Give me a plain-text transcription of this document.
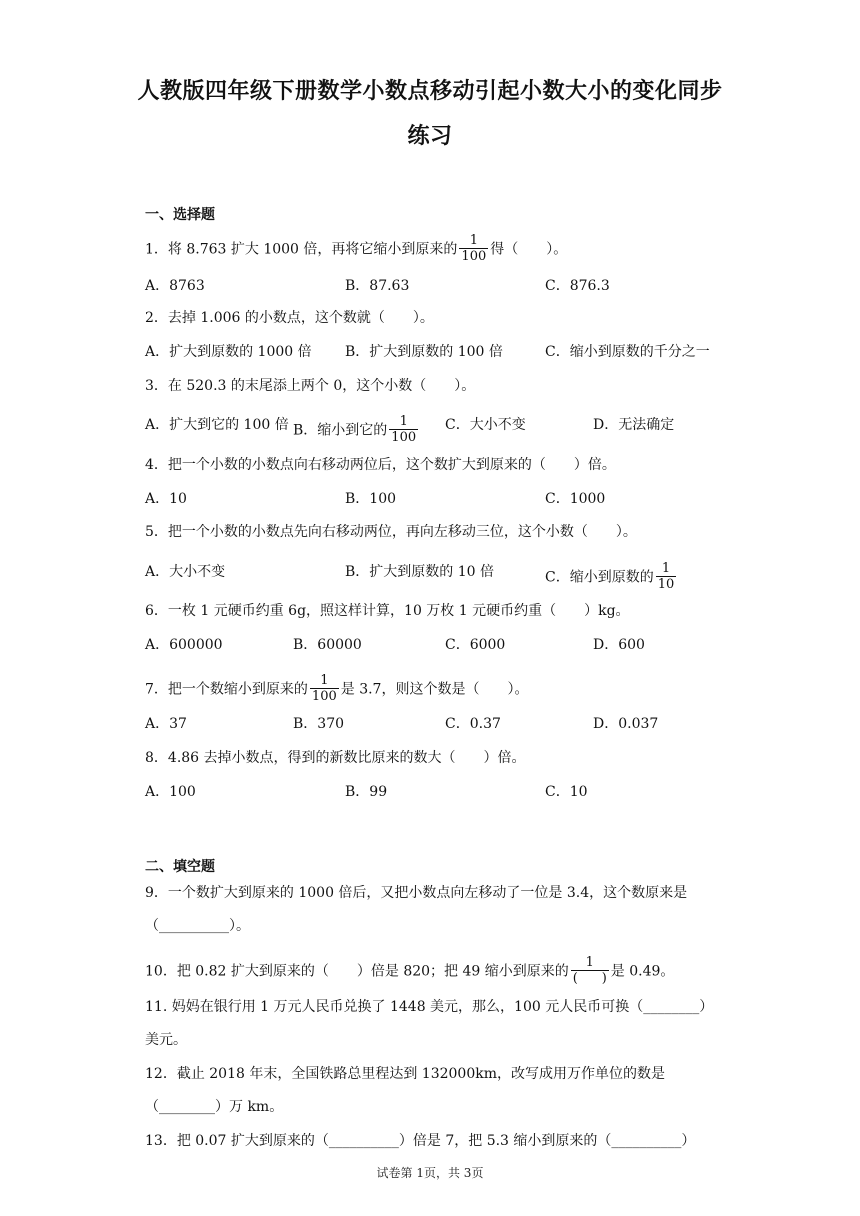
人教版四年级下册数学小数点移动引起小数大小的变化同步
练习
一、选择题
1．将 8.763 扩大 1000 倍，再将它缩小到原来的 $\frac{1}{100}$ 得（　　）。
A．8763	B．87.63	C．876.3
2．去掉 1.006 的小数点，这个数就（　　）。
A．扩大到原数的 1000 倍 B．扩大到原数的 100 倍	C．缩小到原数的千分之一
3．在 520.3 的末尾添上两个 0，这个小数（　　）。
A．扩大到它的 100 倍 B．缩小到它的 $\frac{1}{100}$ C．大小不变	D．无法确定
4．把一个小数的小数点向右移动两位后，这个数扩大到原来的（　　）倍。
A．10	B．100	C．1000
5．把一个小数的小数点先向右移动两位，再向左移动三位，这个小数（　　）。
A．大小不变	B．扩大到原数的 10 倍	C．缩小到原数的 $\frac{1}{10}$
6．一枚 1 元硬币约重 6g，照这样计算，10 万枚 1 元硬币约重（　　）kg。
A．600000	B．60000	C．6000	D．600
7．把一个数缩小到原来的 $\frac{1}{100}$ 是 3.7，则这个数是（　　）。
A．37	B．370	C．0.37	D．0.037
8．4.86 去掉小数点，得到的新数比原来的数大（　　）倍。
A．100	B．99	C．10
二、填空题
9．一个数扩大到原来的 1000 倍后，又把小数点向左移动了一位是 3.4，这个数原来是
（__________）。
10．把 0.82 扩大到原来的（　　）倍是 820；把 49 缩小到原来的 $\frac{1}{( )}$ 是 0.49。
11. 妈妈在银行用 1 万元人民币兑换了 1448 美元，那么，100 元人民币可换（________）
美元。
12．截止 2018 年末，全国铁路总里程达到 132000km，改写成用万作单位的数是
（________）万 km。
13．把 0.07 扩大到原来的（__________）倍是 7，把 5.3 缩小到原来的（__________）
试卷第 1页，共 3页
